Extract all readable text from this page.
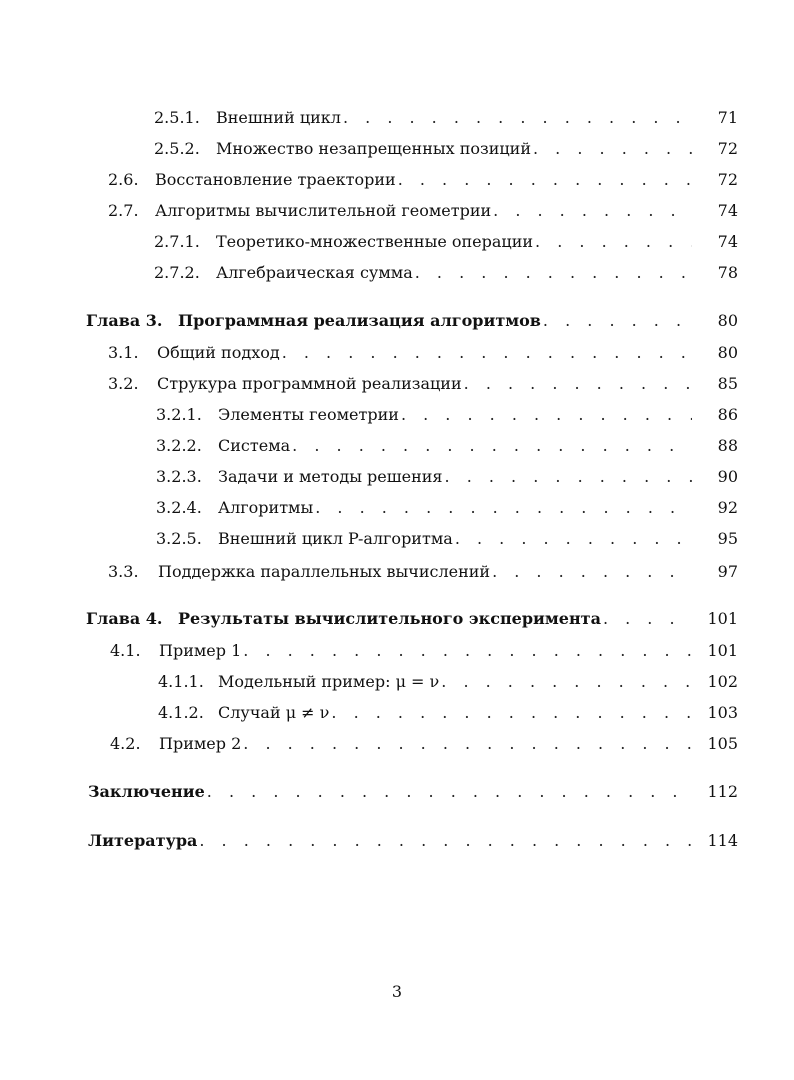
2.5.1.	Внешний цикл . . .	71
2.5.2.	Множество незапрещенных позиций . . .	72
2.6.	Восстановление траектории . . .	72
2.7.	Алгоритмы вычислительной геометрии . . .	74
2.7.1.	Теоретико-множественные операции . . .	74
2.7.2.	Алгебраическая сумма . . .	78
Глава 3. Программная реализация алгоритмов . . .	80
3.1.	Общий подход . . .	80
3.2.	Струкура программной реализации . . .	85
3.2.1.	Элементы геометрии . . .	86
3.2.2.	Система . . .	88
3.2.3.	Задачи и методы решения . . .	90
3.2.4.	Алгоритмы . . .	92
3.2.5.	Внешний цикл P-алгоритма . . .	95
3.3.	Поддержка параллельных вычислений . . .	97
Глава 4. Результаты вычислительного эксперимента . . .	101
4.1.	Пример 1 . . .	101
4.1.1. Модельный пример: μ = ν . . .	102
4.1.2. Случай μ ≠ ν . . .	103
4.2.	Пример 2 . . .	105
Заключение . . .	112
Литература . . .	114
3
